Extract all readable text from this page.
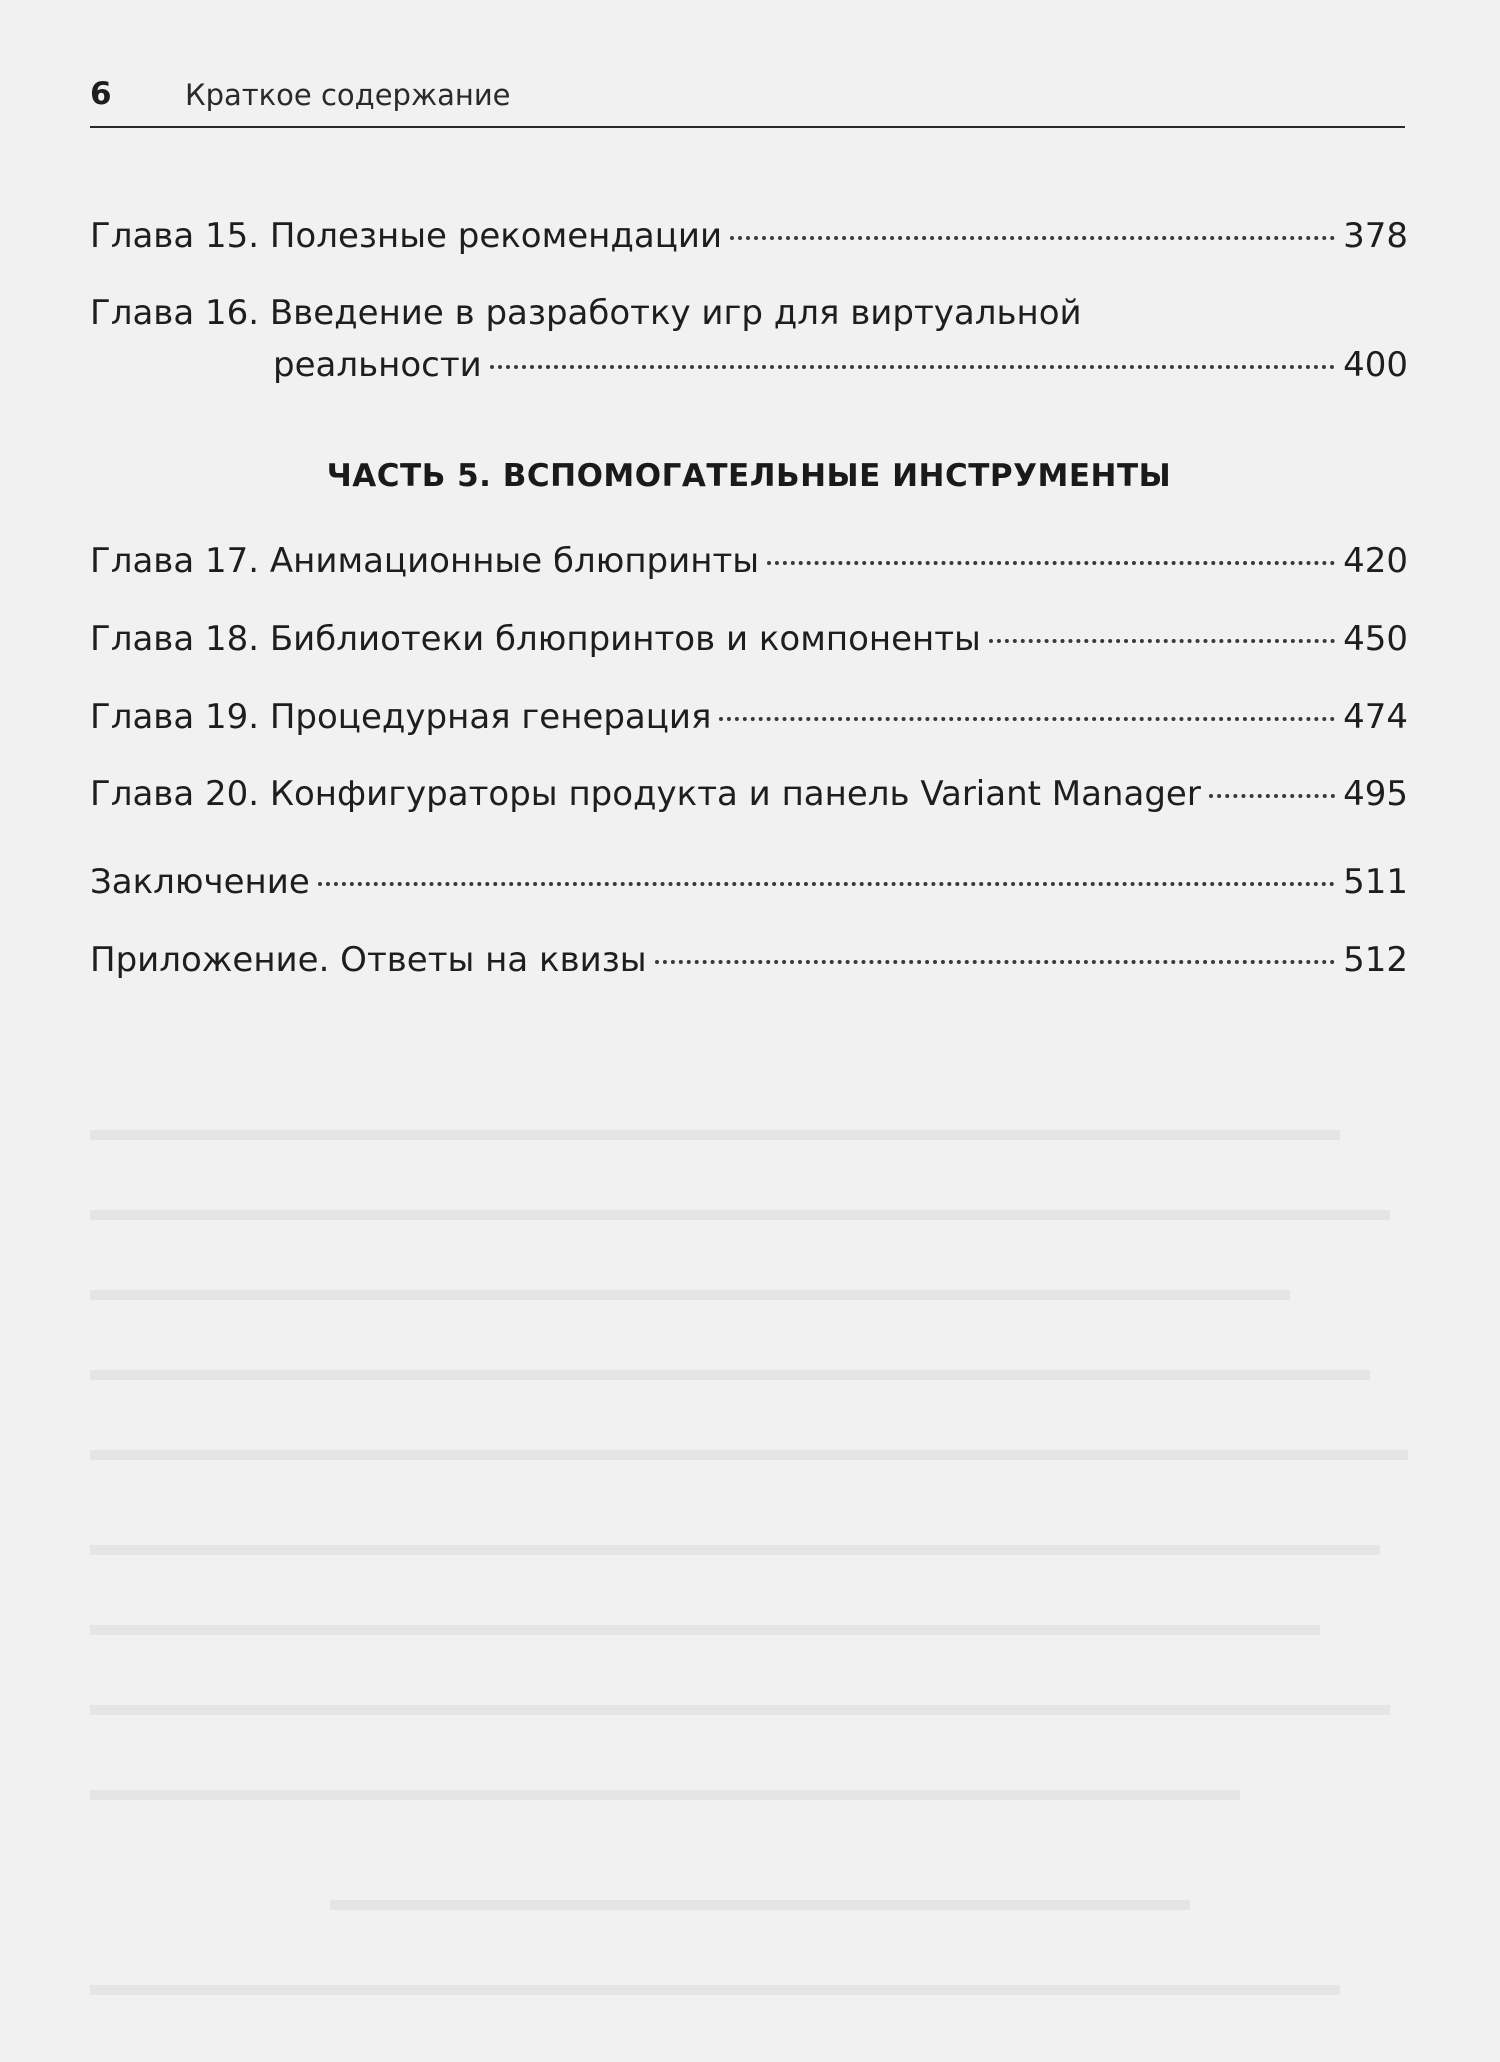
6	Краткое содержание
Глава 15. Полезные рекомендации	378
Глава 16. Введение в разработку игр для виртуальной
реальности	400
ЧАСТЬ 5. ВСПОМОГАТЕЛЬНЫЕ ИНСТРУМЕНТЫ
Глава 17. Анимационные блюпринты	420
Глава 18. Библиотеки блюпринтов и компоненты	450
Глава 19. Процедурная генерация	474
Глава 20. Конфигураторы продукта и панель Variant Manager	495
Заключение	511
Приложение. Ответы на квизы	512
